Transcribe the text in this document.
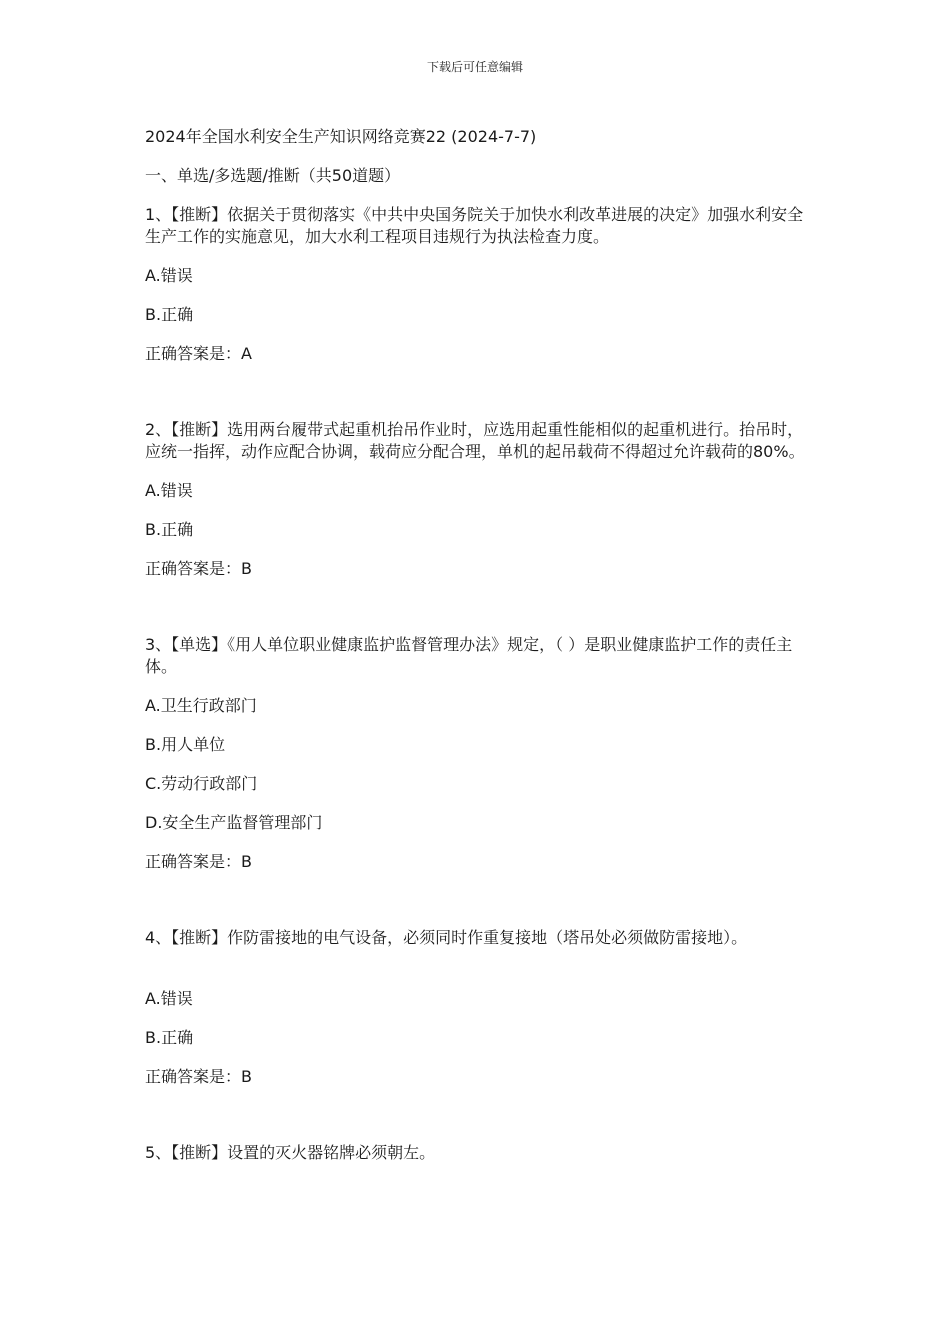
下载后可任意编辑
2024年全国水利安全生产知识网络竞赛22 (2024-7-7)
一、单选/多选题/推断（共50道题）
1、【推断】依据关于贯彻落实《中共中央国务院关于加快水利改革进展的决定》加强水利安全生产工作的实施意见，加大水利工程项目违规行为执法检查力度。
A.错误
B.正确
正确答案是：A
2、【推断】选用两台履带式起重机抬吊作业时，应选用起重性能相似的起重机进行。抬吊时，应统一指挥，动作应配合协调，载荷应分配合理，单机的起吊载荷不得超过允许载荷的80%。
A.错误
B.正确
正确答案是：B
3、【单选】《用人单位职业健康监护监督管理办法》规定，（ ）是职业健康监护工作的责任主体。
A.卫生行政部门
B.用人单位
C.劳动行政部门
D.安全生产监督管理部门
正确答案是：B
4、【推断】作防雷接地的电气设备，必须同时作重复接地（塔吊处必须做防雷接地）。
A.错误
B.正确
正确答案是：B
5、【推断】设置的灭火器铭牌必须朝左。
